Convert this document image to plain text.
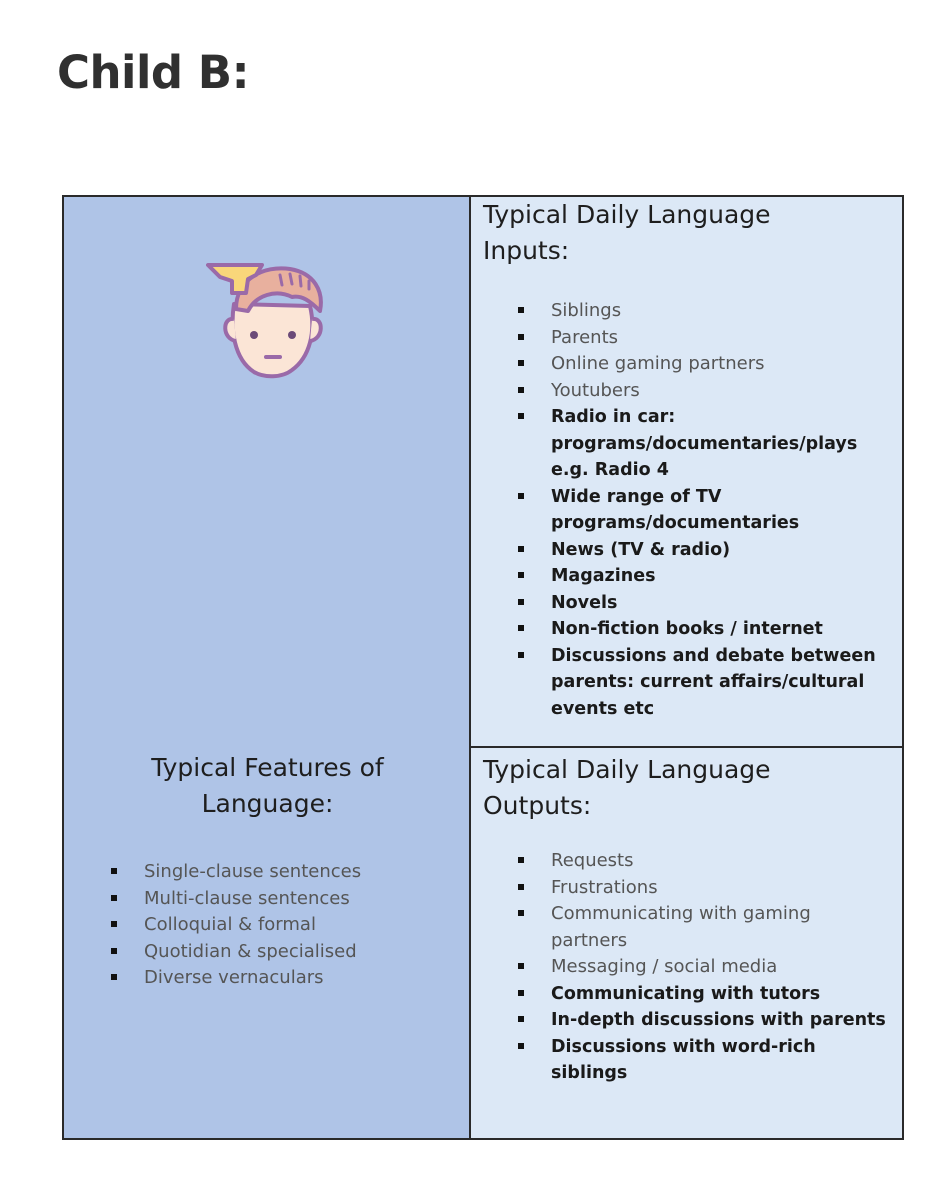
Child B:
Typical Features of
Language:
Single-clause sentences
Multi-clause sentences
Colloquial & formal
Quotidian & specialised
Diverse vernaculars
Typical Daily Language
Inputs:
Siblings
Parents
Online gaming partners
Youtubers
Radio in car: programs/documentaries/plays e.g. Radio 4
Wide range of TV programs/documentaries
News (TV & radio)
Magazines
Novels
Non-fiction books / internet
Discussions and debate between parents: current affairs/cultural events etc
Typical Daily Language
Outputs:
Requests
Frustrations
Communicating with gaming partners
Messaging / social media
Communicating with tutors
In-depth discussions with parents
Discussions with word-rich siblings
